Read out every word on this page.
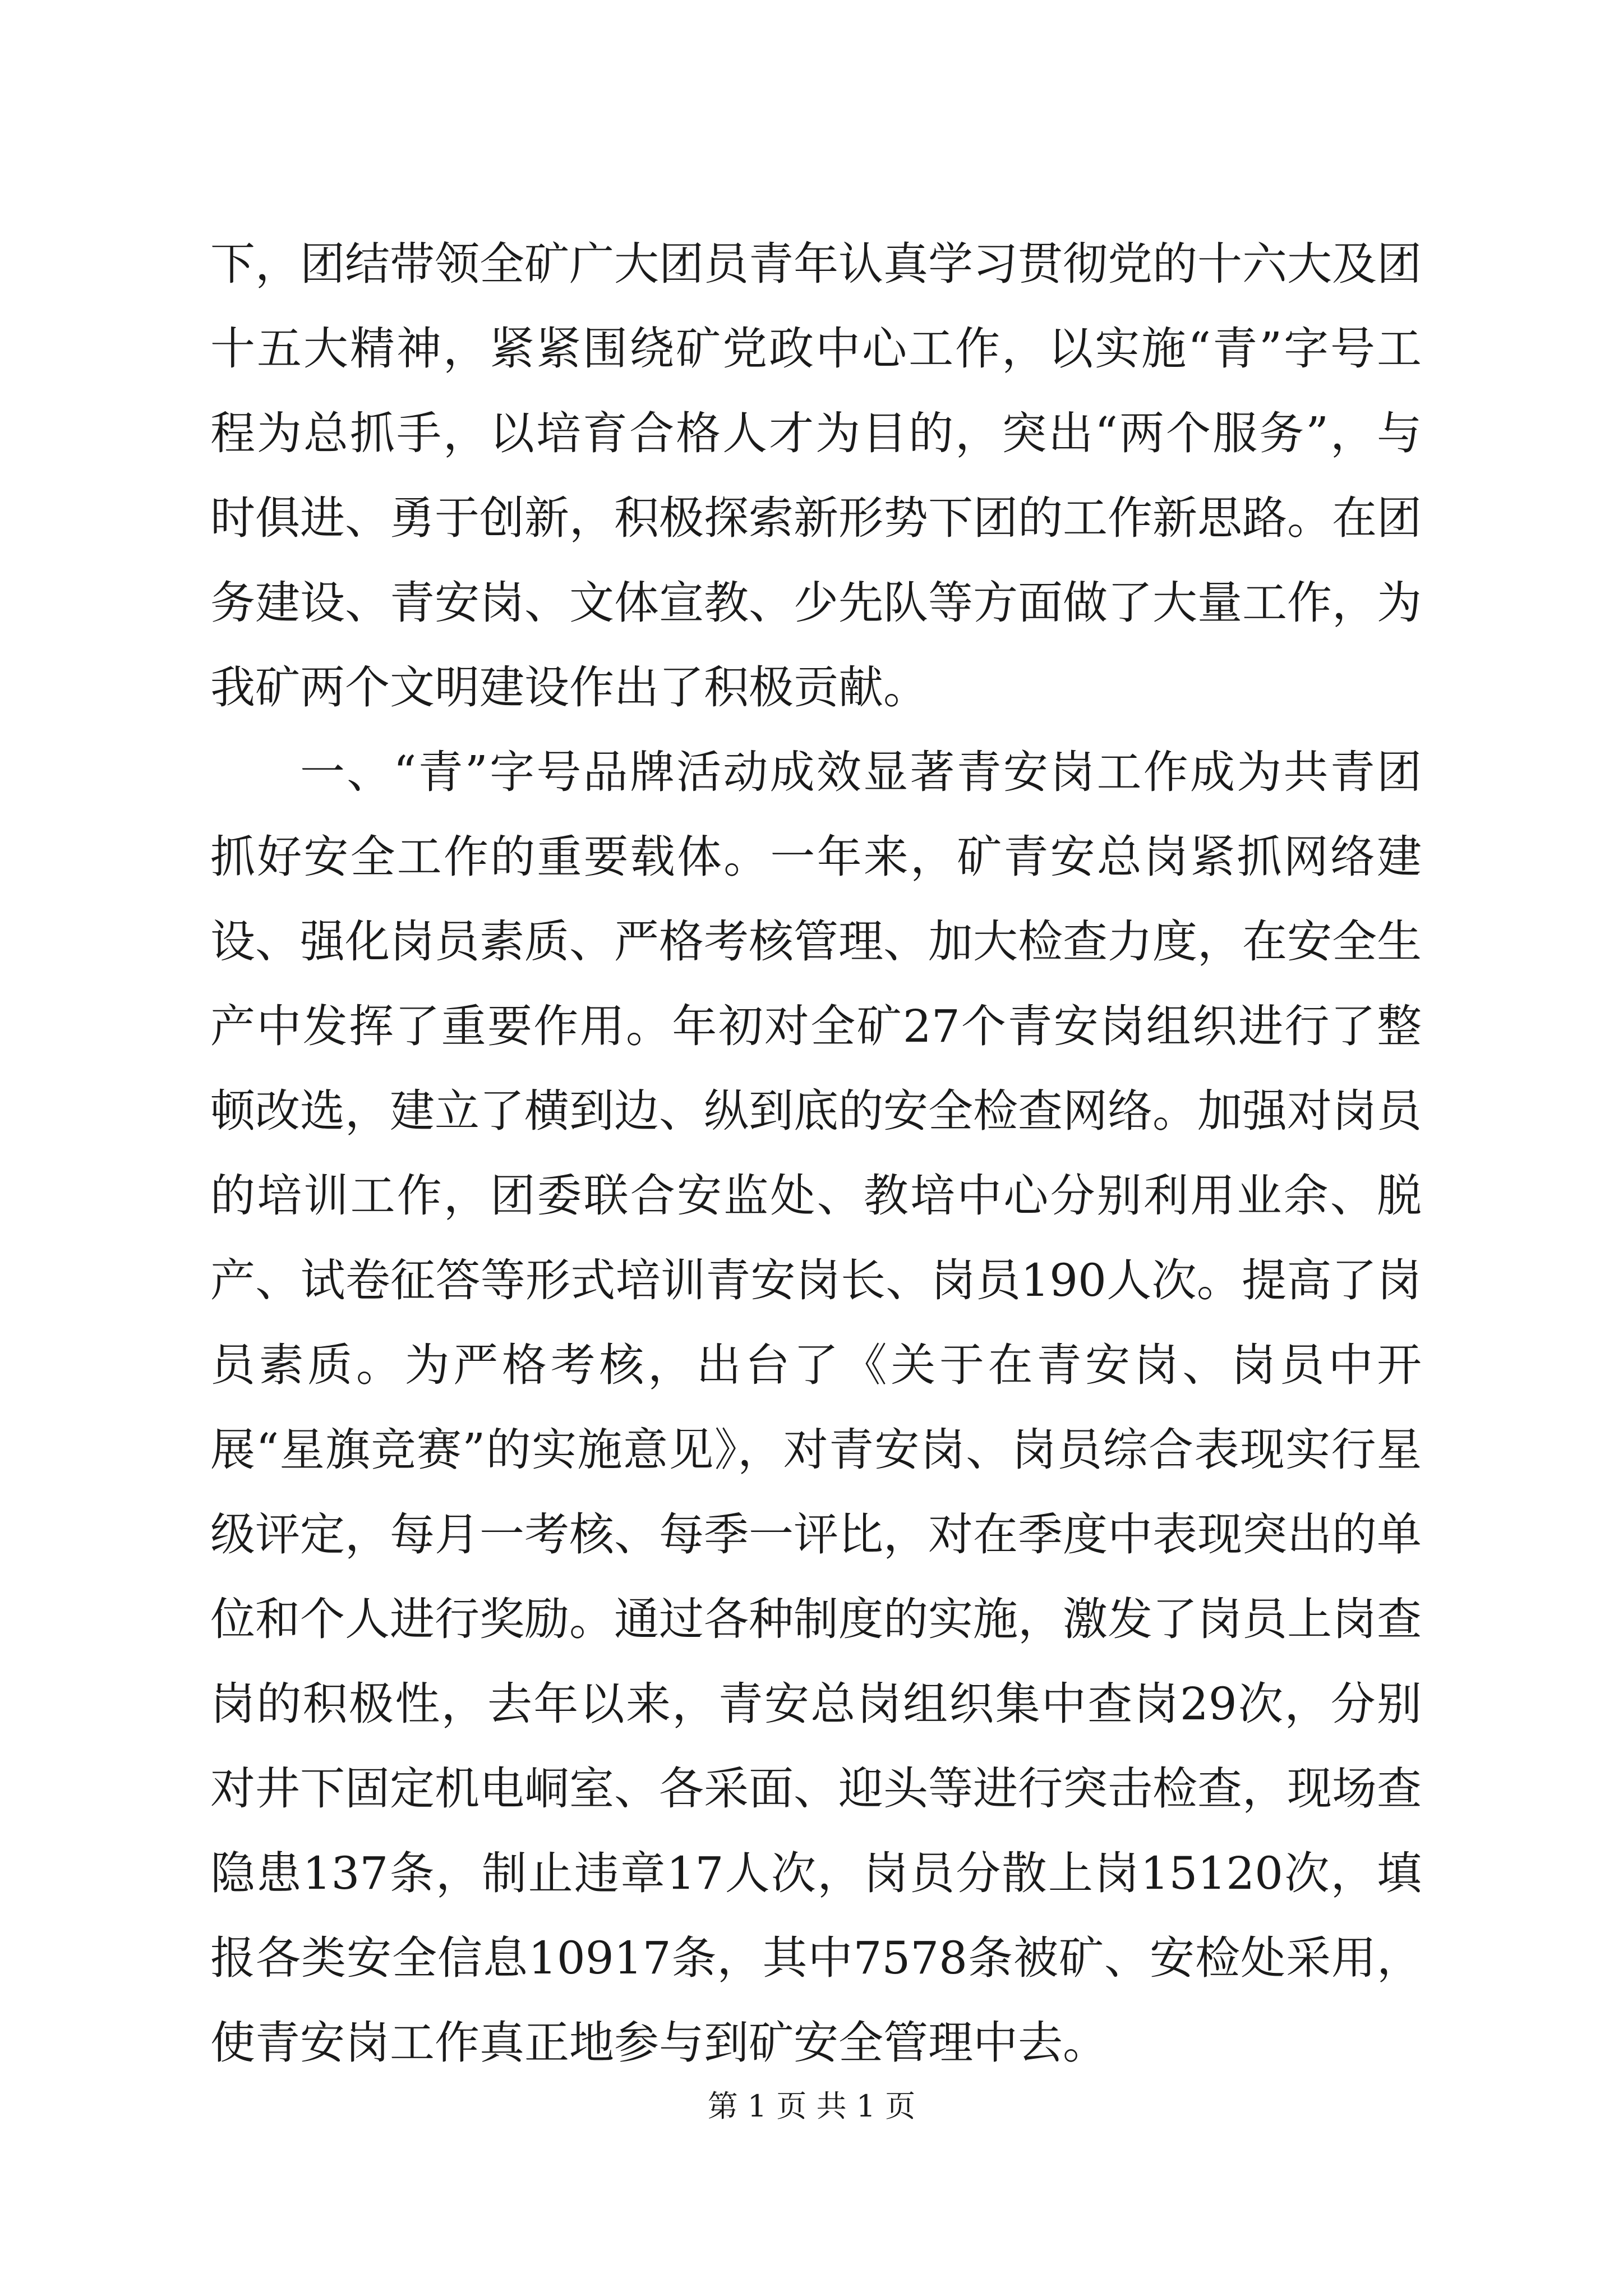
下，团结带领全矿广大团员青年认真学习贯彻党的十六大及团十五大精神，紧紧围绕矿党政中心工作，以实施“青”字号工程为总抓手，以培育合格人才为目的，突出“两个服务”，与时俱进、勇于创新，积极探索新形势下团的工作新思路。在团务建设、青安岗、文体宣教、少先队等方面做了大量工作，为我矿两个文明建设作出了积极贡献。

一、“青”字号品牌活动成效显著青安岗工作成为共青团抓好安全工作的重要载体。一年来，矿青安总岗紧抓网络建设、强化岗员素质、严格考核管理、加大检查力度，在安全生产中发挥了重要作用。年初对全矿27个青安岗组织进行了整顿改选，建立了横到边、纵到底的安全检查网络。加强对岗员的培训工作，团委联合安监处、教培中心分别利用业余、脱产、试卷征答等形式培训青安岗长、岗员190人次。提高了岗员素质。为严格考核，出台了《关于在青安岗、岗员中开展“星旗竞赛”的实施意见》，对青安岗、岗员综合表现实行星级评定，每月一考核、每季一评比，对在季度中表现突出的单位和个人进行奖励。通过各种制度的实施，激发了岗员上岗查岗的积极性，去年以来，青安总岗组织集中查岗29次，分别对井下固定机电峒室、各采面、迎头等进行突击检查，现场查隐患137条，制止违章17人次，岗员分散上岗15120次，填报各类安全信息10917条，其中7578条被矿、安检处采用，使青安岗工作真正地参与到矿安全管理中去。

第 1 页 共 1 页
